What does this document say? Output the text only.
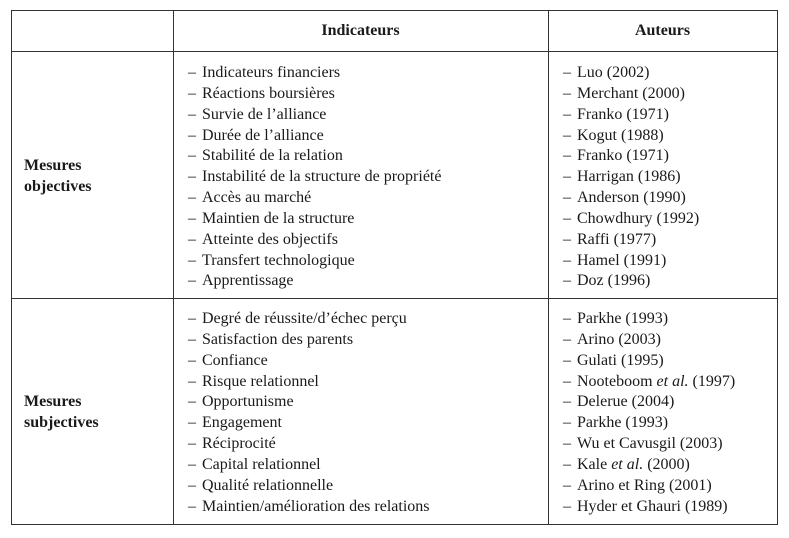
Indicateurs	Auteurs
Mesures
objectives
Mesures
subjectives
– Indicateurs financiers
– Réactions boursières
– Survie de l’alliance
– Durée de l’alliance
– Stabilité de la relation
– Instabilité de la structure de propriété
– Accès au marché
– Maintien de la structure
– Atteinte des objectifs
– Transfert technologique
– Apprentissage
– Luo (2002)
– Merchant (2000)
– Franko (1971)
– Kogut (1988)
– Franko (1971)
– Harrigan (1986)
– Anderson (1990)
– Chowdhury (1992)
– Raffi (1977)
– Hamel (1991)
– Doz (1996)
– Degré de réussite/d’échec perçu
– Satisfaction des parents
– Confiance
– Risque relationnel
– Opportunisme
– Engagement
– Réciprocité
– Capital relationnel
– Qualité relationnelle
– Maintien/amélioration des relations
– Parkhe (1993)
– Arino (2003)
– Gulati (1995)
– Nooteboom et al. (1997)
– Delerue (2004)
– Parkhe (1993)
– Wu et Cavusgil (2003)
– Kale et al. (2000)
– Arino et Ring (2001)
– Hyder et Ghauri (1989)
